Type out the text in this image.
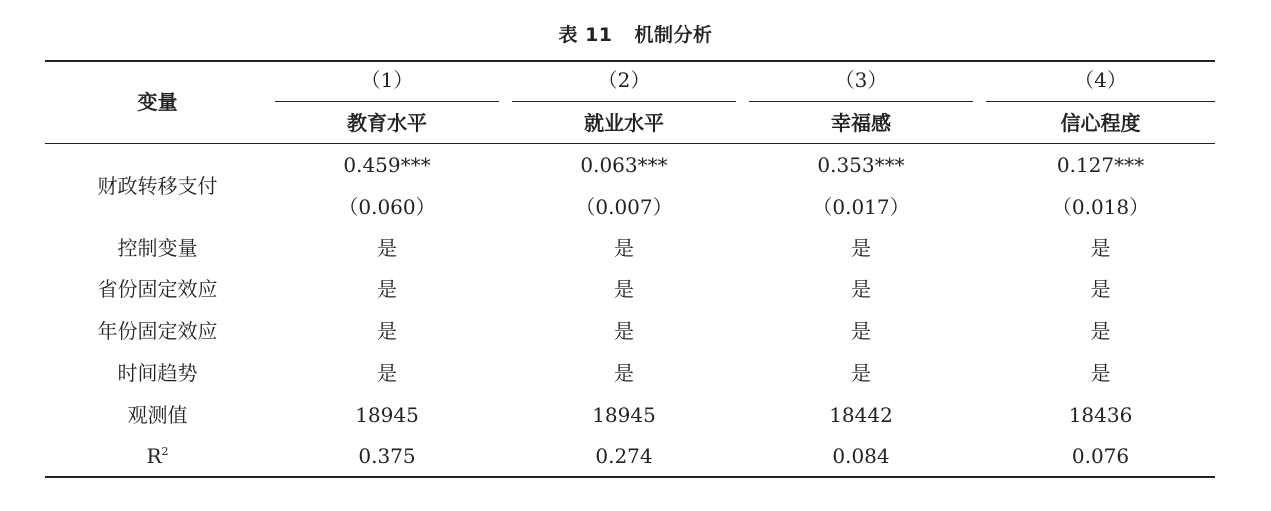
表 11 机制分析
变量
（1）	（2）	（3）	（4）
教育水平	就业水平	幸福感	信心程度
财政转移支付
0.459***	0.063***	0.353***	0.127***
（0.060）	（0.007）	（0.017）	（0.018）
控制变量	是	是	是	是
省份固定效应	是	是	是	是
年份固定效应	是	是	是	是
时间趋势	是	是	是	是
观测值	18945	18945	18442	18436
$R^2$	0.375	0.274	0.084	0.076
